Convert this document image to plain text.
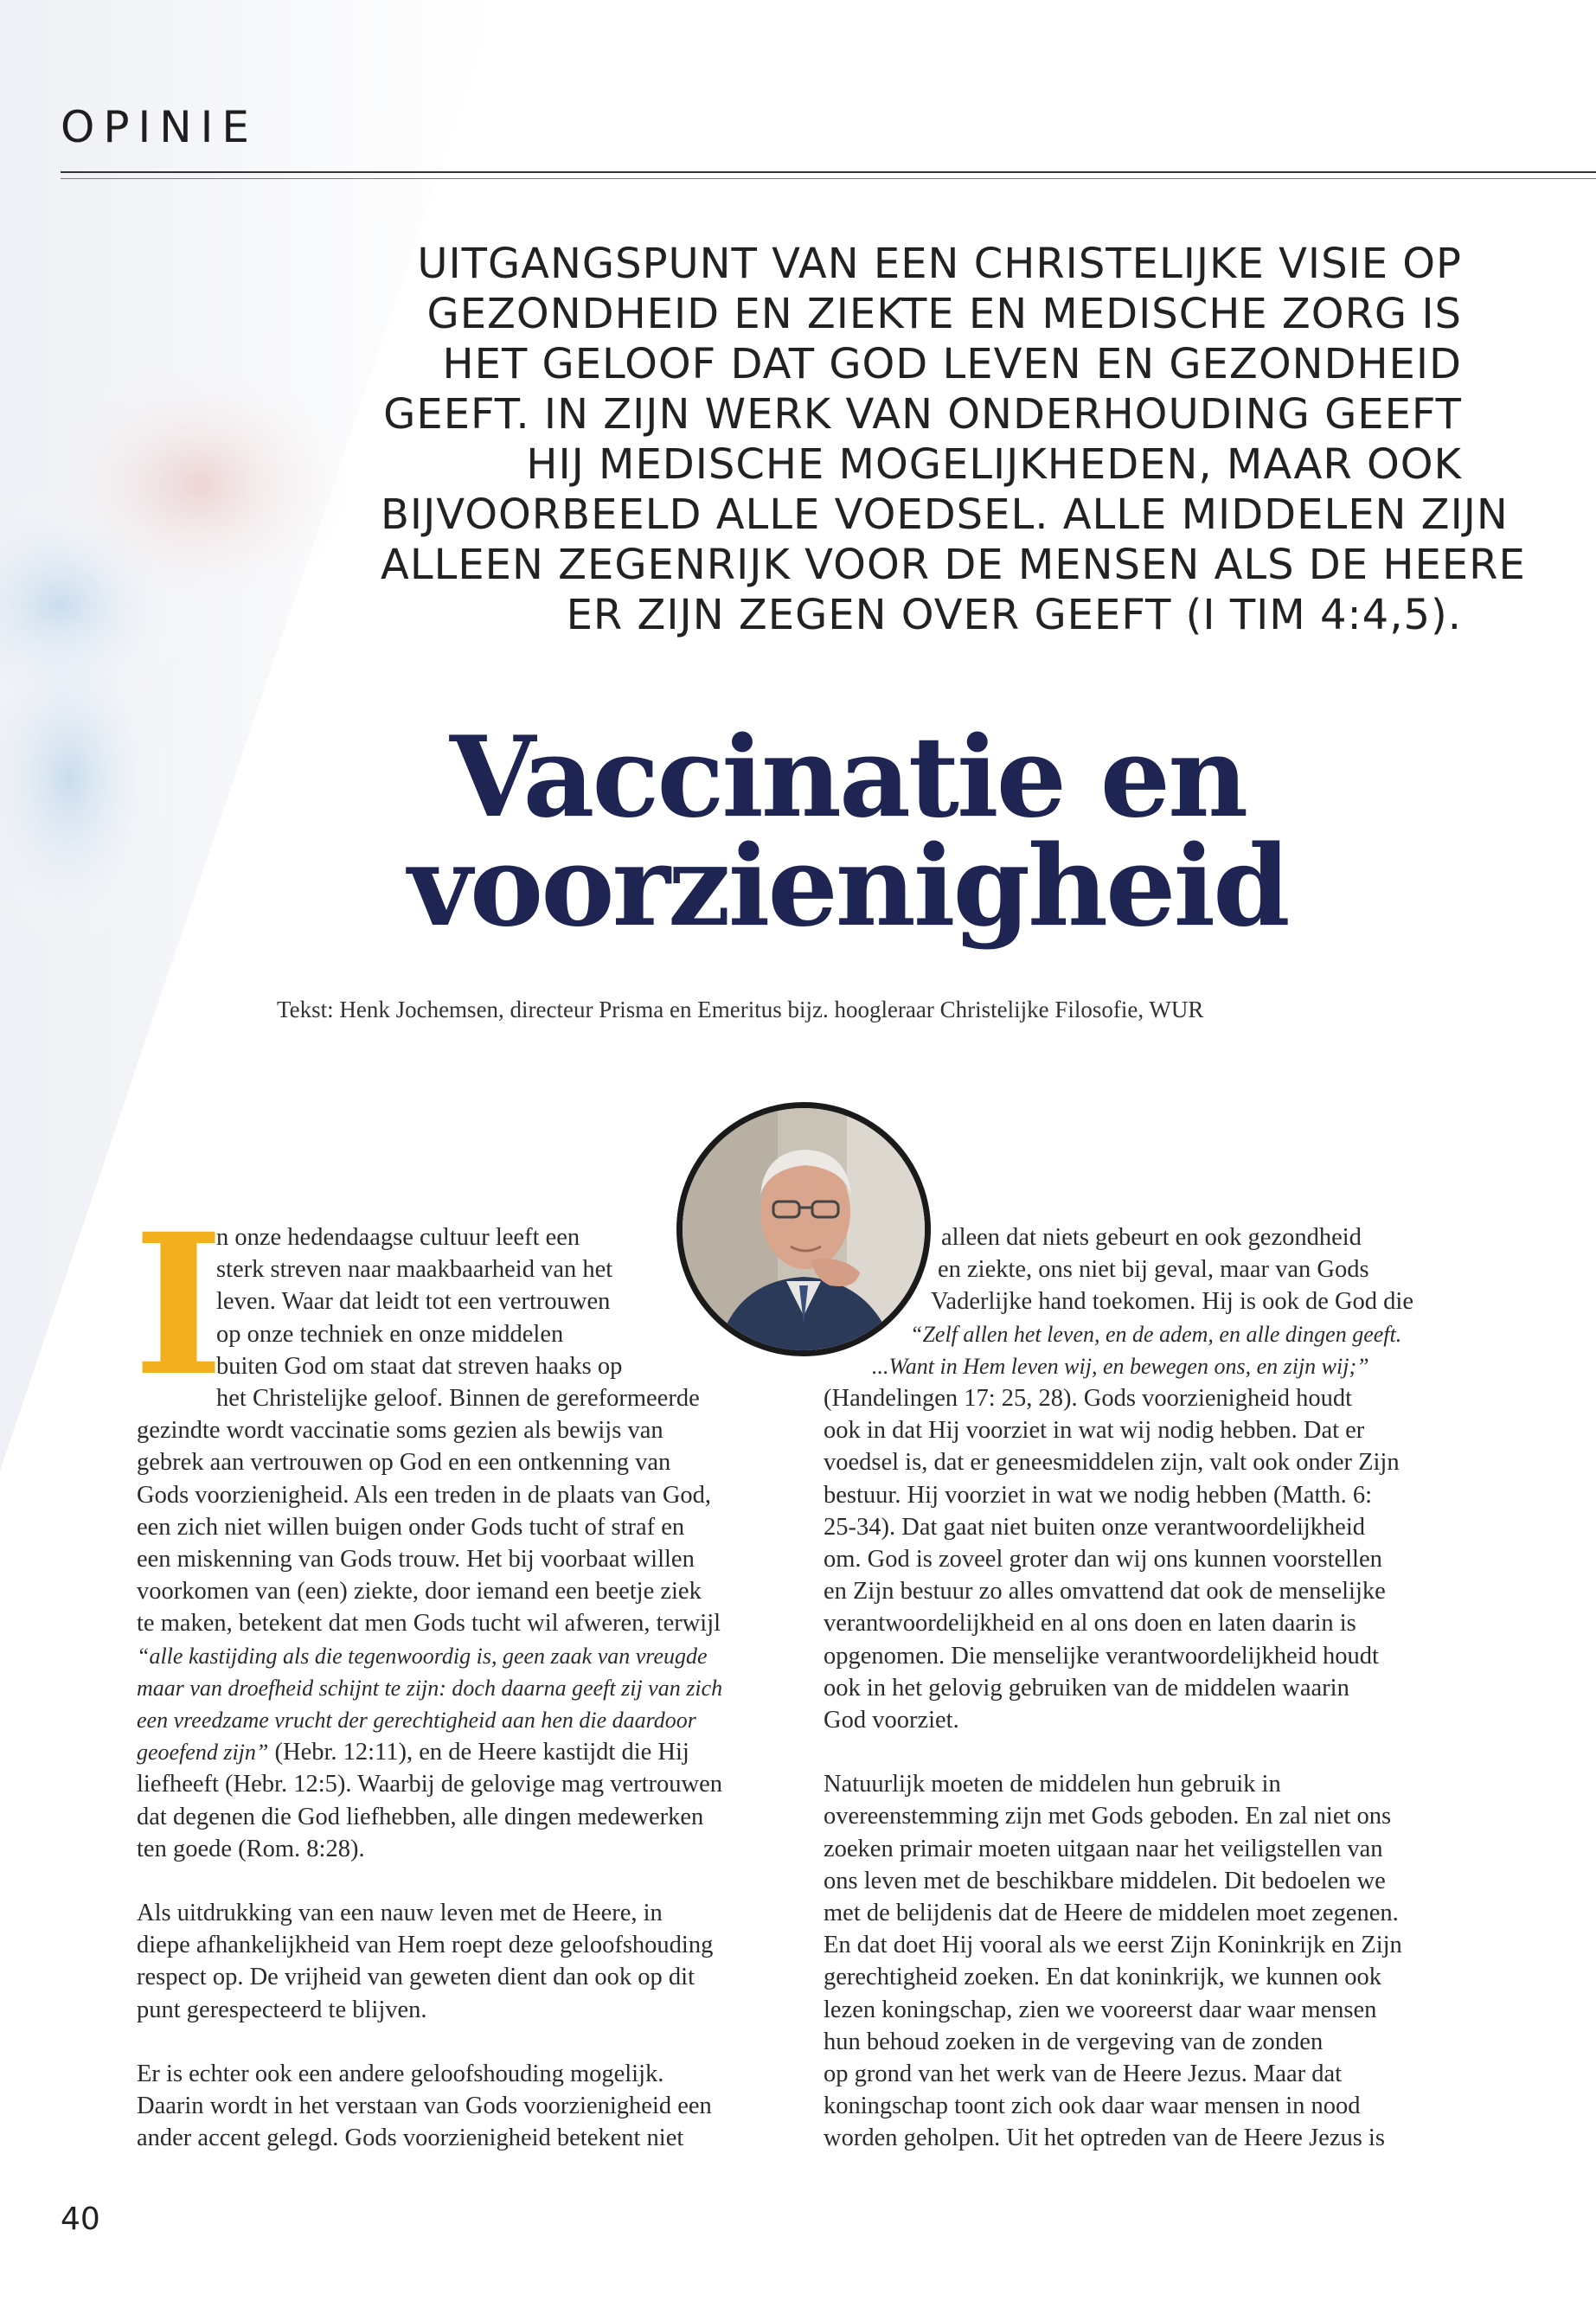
OPINIE
UITGANGSPUNT VAN EEN CHRISTELIJKE VISIE OP
GEZONDHEID EN ZIEKTE EN MEDISCHE ZORG IS
HET GELOOF DAT GOD LEVEN EN GEZONDHEID
GEEFT. IN ZIJN WERK VAN ONDERHOUDING GEEFT
HIJ MEDISCHE MOGELIJKHEDEN, MAAR OOK
BIJVOORBEELD ALLE VOEDSEL. ALLE MIDDELEN ZIJN
ALLEEN ZEGENRIJK VOOR DE MENSEN ALS DE HEERE
ER ZIJN ZEGEN OVER GEEFT (I TIM 4:4,5).
Vaccinatie en
voorzienigheid
Tekst: Henk Jochemsen, directeur Prisma en Emeritus bijz. hoogleraar Christelijke Filosofie, WUR
I
n onze hedendaagse cultuur leeft een
sterk streven naar maakbaarheid van het
leven. Waar dat leidt tot een vertrouwen
op onze techniek en onze middelen
buiten God om staat dat streven haaks op
het Christelijke geloof. Binnen de gereformeerde
gezindte wordt vaccinatie soms gezien als bewijs van
gebrek aan vertrouwen op God en een ontkenning van
Gods voorzienigheid. Als een treden in de plaats van God,
een zich niet willen buigen onder Gods tucht of straf en
een miskenning van Gods trouw. Het bij voorbaat willen
voorkomen van (een) ziekte, door iemand een beetje ziek
te maken, betekent dat men Gods tucht wil afweren, terwijl
“alle kastijding als die tegenwoordig is, geen zaak van vreugde
maar van droefheid schijnt te zijn: doch daarna geeft zij van zich
een vreedzame vrucht der gerechtigheid aan hen die daardoor
geoefend zijn” (Hebr. 12:11), en de Heere kastijdt die Hij
liefheeft (Hebr. 12:5). Waarbij de gelovige mag vertrouwen
dat degenen die God liefhebben, alle dingen medewerken
ten goede (Rom. 8:28).
Als uitdrukking van een nauw leven met de Heere, in
diepe afhankelijkheid van Hem roept deze geloofshouding
respect op. De vrijheid van geweten dient dan ook op dit
punt gerespecteerd te blijven.
Er is echter ook een andere geloofshouding mogelijk.
Daarin wordt in het verstaan van Gods voorzienigheid een
ander accent gelegd. Gods voorzienigheid betekent niet
alleen dat niets gebeurt en ook gezondheid
en ziekte, ons niet bij geval, maar van Gods
Vaderlijke hand toekomen. Hij is ook de God die
“Zelf allen het leven, en de adem, en alle dingen geeft.
...Want in Hem leven wij, en bewegen ons, en zijn wij;”
(Handelingen 17: 25, 28). Gods voorzienigheid houdt
ook in dat Hij voorziet in wat wij nodig hebben. Dat er
voedsel is, dat er geneesmiddelen zijn, valt ook onder Zijn
bestuur. Hij voorziet in wat we nodig hebben (Matth. 6:
25-34). Dat gaat niet buiten onze verantwoordelijkheid
om. God is zoveel groter dan wij ons kunnen voorstellen
en Zijn bestuur zo alles omvattend dat ook de menselijke
verantwoordelijkheid en al ons doen en laten daarin is
opgenomen. Die menselijke verantwoordelijkheid houdt
ook in het gelovig gebruiken van de middelen waarin
God voorziet.
Natuurlijk moeten de middelen hun gebruik in
overeenstemming zijn met Gods geboden. En zal niet ons
zoeken primair moeten uitgaan naar het veiligstellen van
ons leven met de beschikbare middelen. Dit bedoelen we
met de belijdenis dat de Heere de middelen moet zegenen.
En dat doet Hij vooral als we eerst Zijn Koninkrijk en Zijn
gerechtigheid zoeken. En dat koninkrijk, we kunnen ook
lezen koningschap, zien we vooreerst daar waar mensen
hun behoud zoeken in de vergeving van de zonden
op grond van het werk van de Heere Jezus. Maar dat
koningschap toont zich ook daar waar mensen in nood
worden geholpen. Uit het optreden van de Heere Jezus is
40
